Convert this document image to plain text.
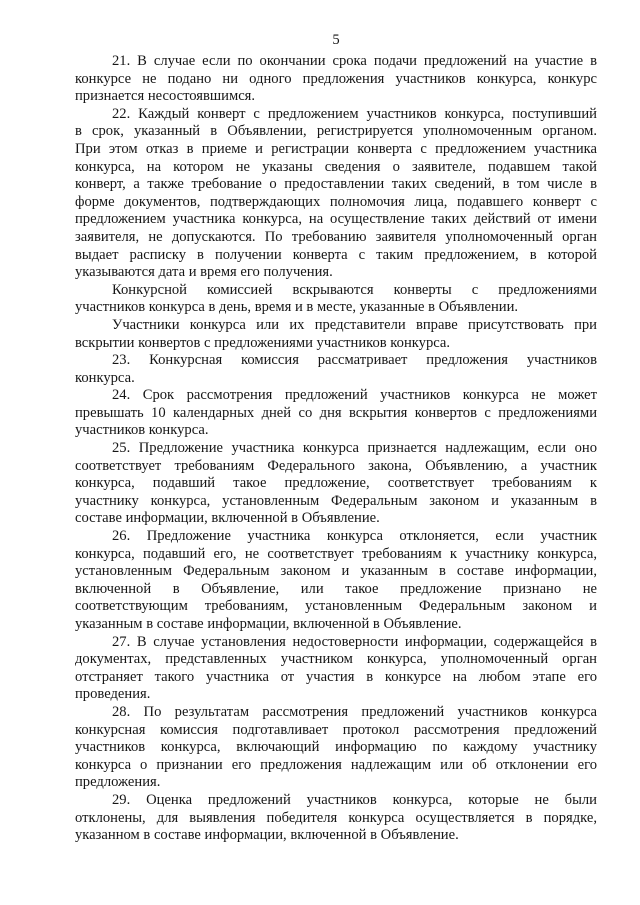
5
21. В случае если по окончании срока подачи предложений на участие в
конкурсе не подано ни одного предложения участников конкурса, конкурс
признается несостоявшимся.
22. Каждый конверт с предложением участников конкурса, поступивший
в срок, указанный в Объявлении, регистрируется уполномоченным органом.
При этом отказ в приеме и регистрации конверта с предложением участника
конкурса, на котором не указаны сведения о заявителе, подавшем такой
конверт, а также требование о предоставлении таких сведений, в том числе в
форме документов, подтверждающих полномочия лица, подавшего конверт с
предложением участника конкурса, на осуществление таких действий от имени
заявителя, не допускаются. По требованию заявителя уполномоченный орган
выдает расписку в получении конверта с таким предложением, в которой
указываются дата и время его получения.
Конкурсной комиссией вскрываются конверты с предложениями
участников конкурса в день, время и в месте, указанные в Объявлении.
Участники конкурса или их представители вправе присутствовать при
вскрытии конвертов с предложениями участников конкурса.
23. Конкурсная комиссия рассматривает предложения участников
конкурса.
24. Срок рассмотрения предложений участников конкурса не может
превышать 10 календарных дней со дня вскрытия конвертов с предложениями
участников конкурса.
25. Предложение участника конкурса признается надлежащим, если оно
соответствует требованиям Федерального закона, Объявлению, а участник
конкурса, подавший такое предложение, соответствует требованиям к
участнику конкурса, установленным Федеральным законом и указанным в
составе информации, включенной в Объявление.
26. Предложение участника конкурса отклоняется, если участник
конкурса, подавший его, не соответствует требованиям к участнику конкурса,
установленным Федеральным законом и указанным в составе информации,
включенной в Объявление, или такое предложение признано не
соответствующим требованиям, установленным Федеральным законом и
указанным в составе информации, включенной в Объявление.
27. В случае установления недостоверности информации, содержащейся в
документах, представленных участником конкурса, уполномоченный орган
отстраняет такого участника от участия в конкурсе на любом этапе его
проведения.
28. По результатам рассмотрения предложений участников конкурса
конкурсная комиссия подготавливает протокол рассмотрения предложений
участников конкурса, включающий информацию по каждому участнику
конкурса о признании его предложения надлежащим или об отклонении его
предложения.
29. Оценка предложений участников конкурса, которые не были
отклонены, для выявления победителя конкурса осуществляется в порядке,
указанном в составе информации, включенной в Объявление.
